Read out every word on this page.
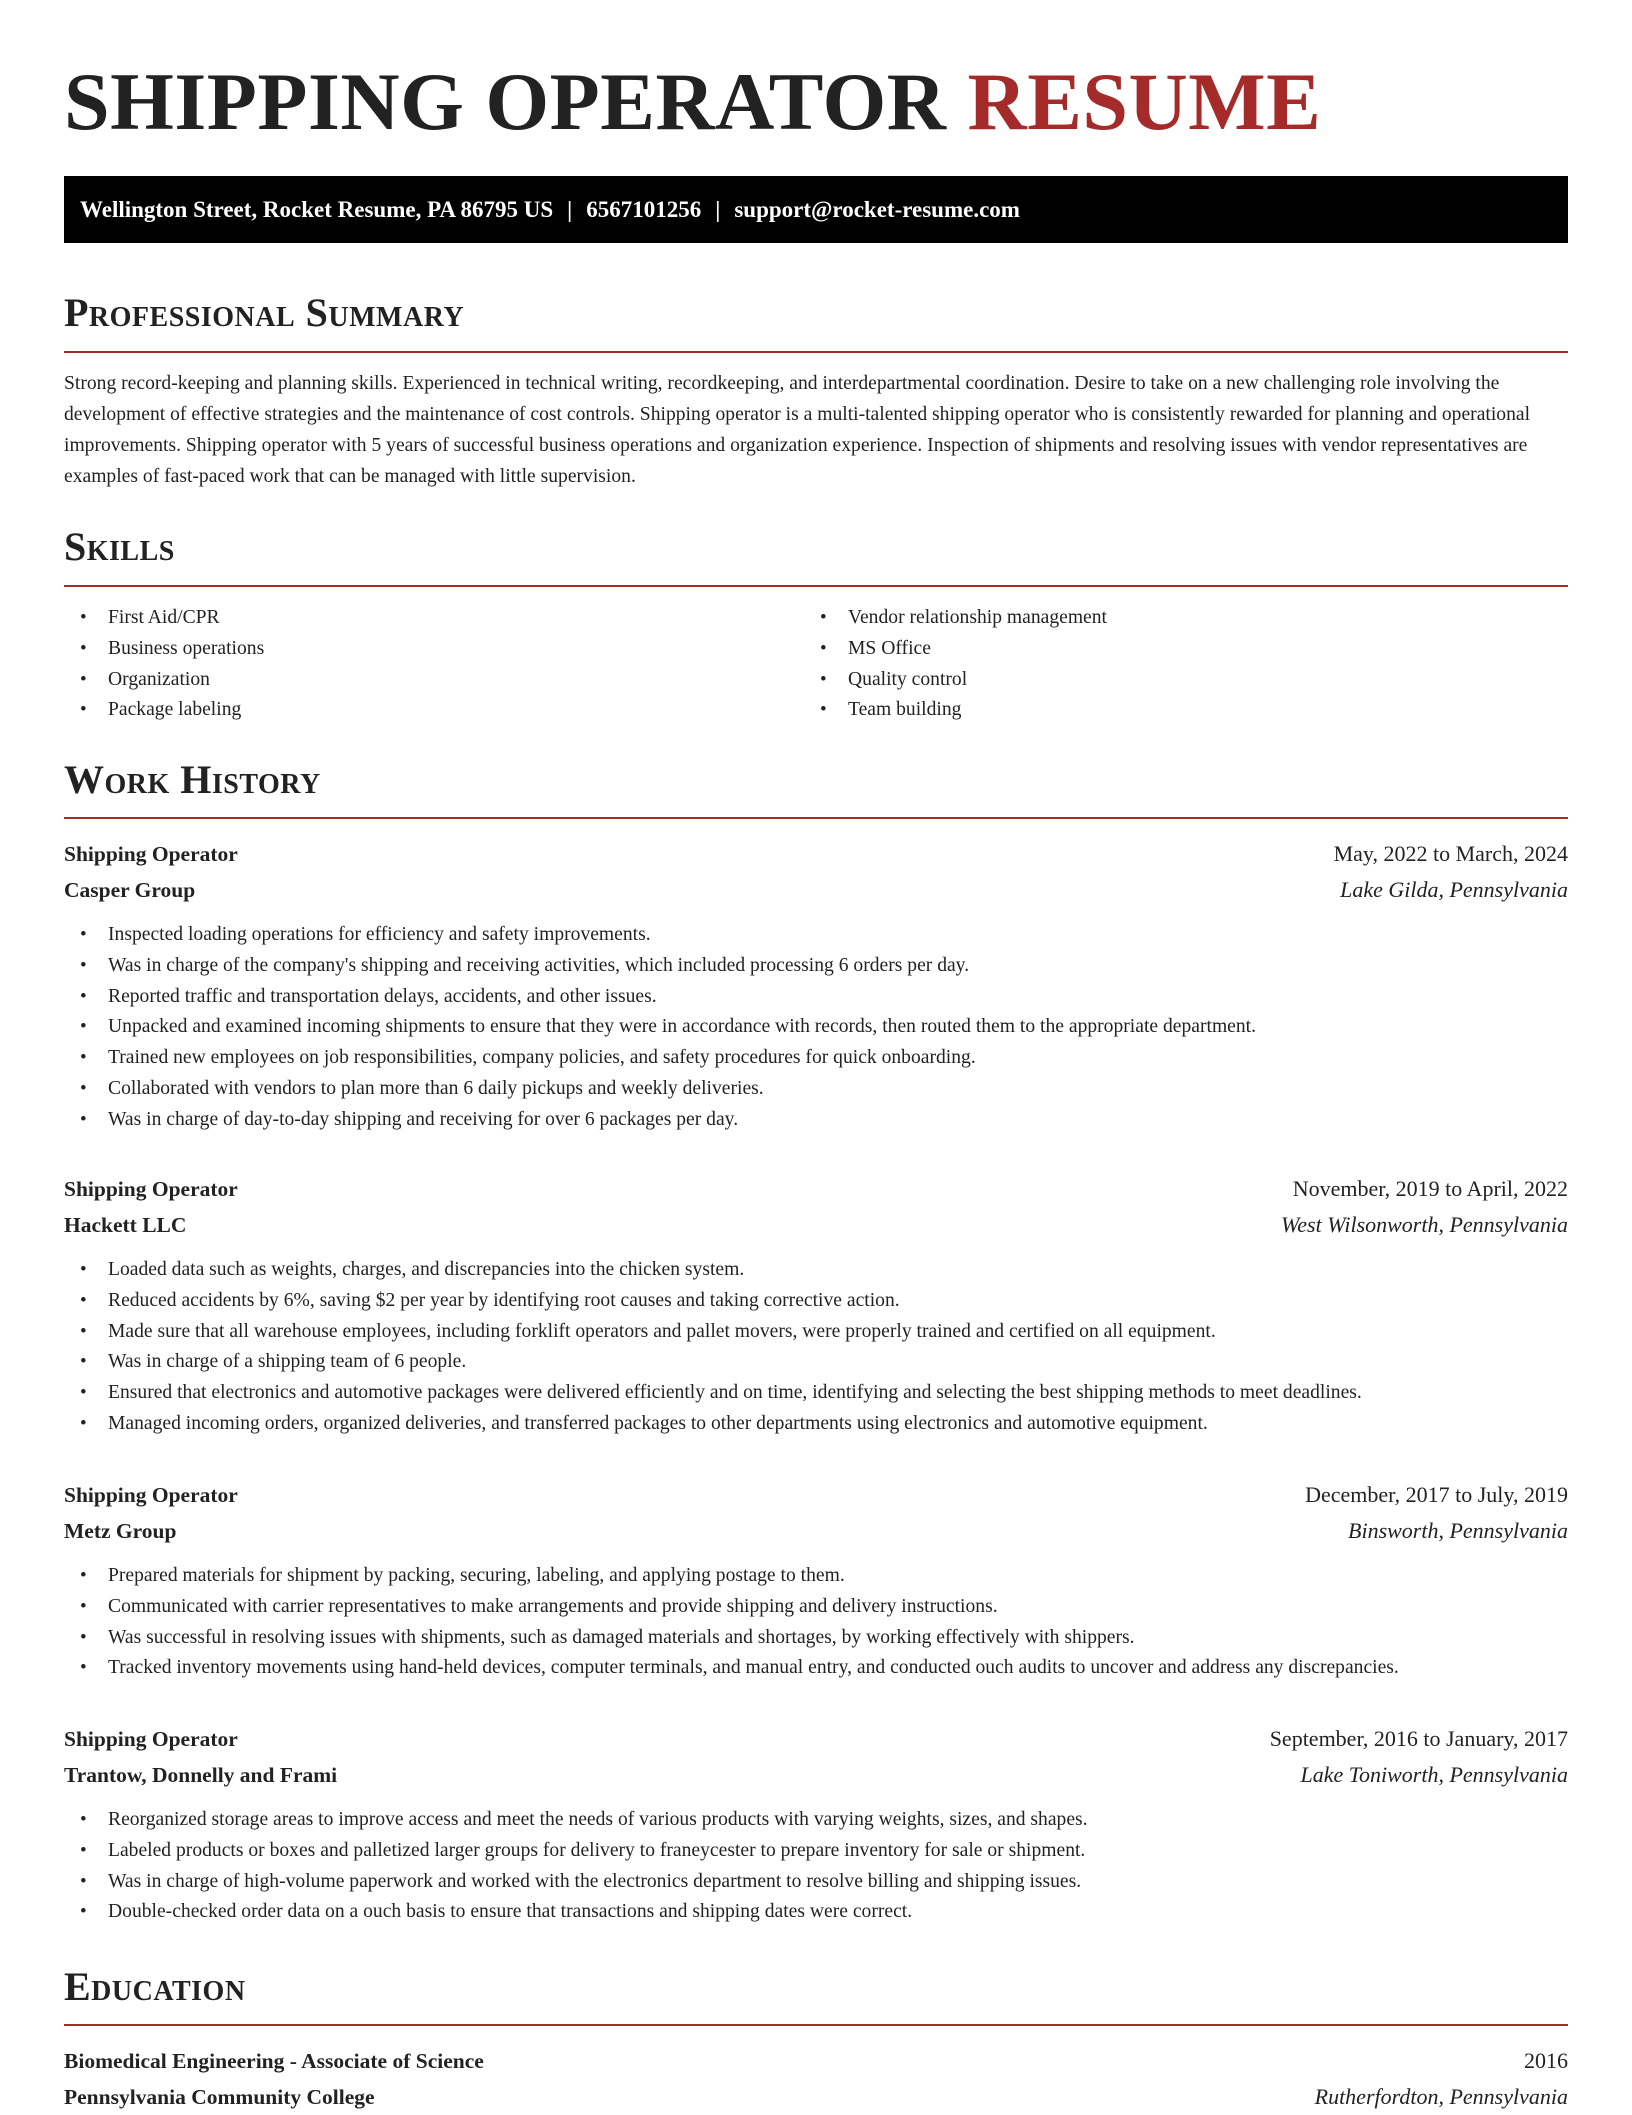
SHIPPING OPERATOR RESUME
Wellington Street, Rocket Resume, PA 86795 US | 6567101256 | support@rocket-resume.com
Professional Summary

Strong record-keeping and planning skills. Experienced in technical writing, recordkeeping, and interdepartmental coordination. Desire to take on a new challenging role involving the development of effective strategies and the maintenance of cost controls. Shipping operator is a multi-talented shipping operator who is consistently rewarded for planning and operational improvements. Shipping operator with 5 years of successful business operations and organization experience. Inspection of shipments and resolving issues with vendor representatives are examples of fast-paced work that can be managed with little supervision.

Skills
• First Aid/CPR
• Business operations
• Organization
• Package labeling
• Vendor relationship management
• MS Office
• Quality control
• Team building
Work History
Shipping Operator	May, 2022 to March, 2024
Casper Group	Lake Gilda, Pennsylvania
• Inspected loading operations for efficiency and safety improvements.
• Was in charge of the company's shipping and receiving activities, which included processing 6 orders per day.
• Reported traffic and transportation delays, accidents, and other issues.
• Unpacked and examined incoming shipments to ensure that they were in accordance with records, then routed them to the appropriate department.
• Trained new employees on job responsibilities, company policies, and safety procedures for quick onboarding.
• Collaborated with vendors to plan more than 6 daily pickups and weekly deliveries.
• Was in charge of day-to-day shipping and receiving for over 6 packages per day.
Shipping Operator	November, 2019 to April, 2022
Hackett LLC	West Wilsonworth, Pennsylvania
• Loaded data such as weights, charges, and discrepancies into the chicken system.
• Reduced accidents by 6%, saving $2 per year by identifying root causes and taking corrective action.
• Made sure that all warehouse employees, including forklift operators and pallet movers, were properly trained and certified on all equipment.
• Was in charge of a shipping team of 6 people.
• Ensured that electronics and automotive packages were delivered efficiently and on time, identifying and selecting the best shipping methods to meet deadlines.
• Managed incoming orders, organized deliveries, and transferred packages to other departments using electronics and automotive equipment.
Shipping Operator	December, 2017 to July, 2019
Metz Group	Binsworth, Pennsylvania
• Prepared materials for shipment by packing, securing, labeling, and applying postage to them.
• Communicated with carrier representatives to make arrangements and provide shipping and delivery instructions.
• Was successful in resolving issues with shipments, such as damaged materials and shortages, by working effectively with shippers.
• Tracked inventory movements using hand-held devices, computer terminals, and manual entry, and conducted ouch audits to uncover and address any discrepancies.
Shipping Operator	September, 2016 to January, 2017
Trantow, Donnelly and Frami	Lake Toniworth, Pennsylvania
• Reorganized storage areas to improve access and meet the needs of various products with varying weights, sizes, and shapes.
• Labeled products or boxes and palletized larger groups for delivery to franeycester to prepare inventory for sale or shipment.
• Was in charge of high-volume paperwork and worked with the electronics department to resolve billing and shipping issues.
• Double-checked order data on a ouch basis to ensure that transactions and shipping dates were correct.
Education
Biomedical Engineering - Associate of Science	2016
Pennsylvania Community College	Rutherfordton, Pennsylvania
